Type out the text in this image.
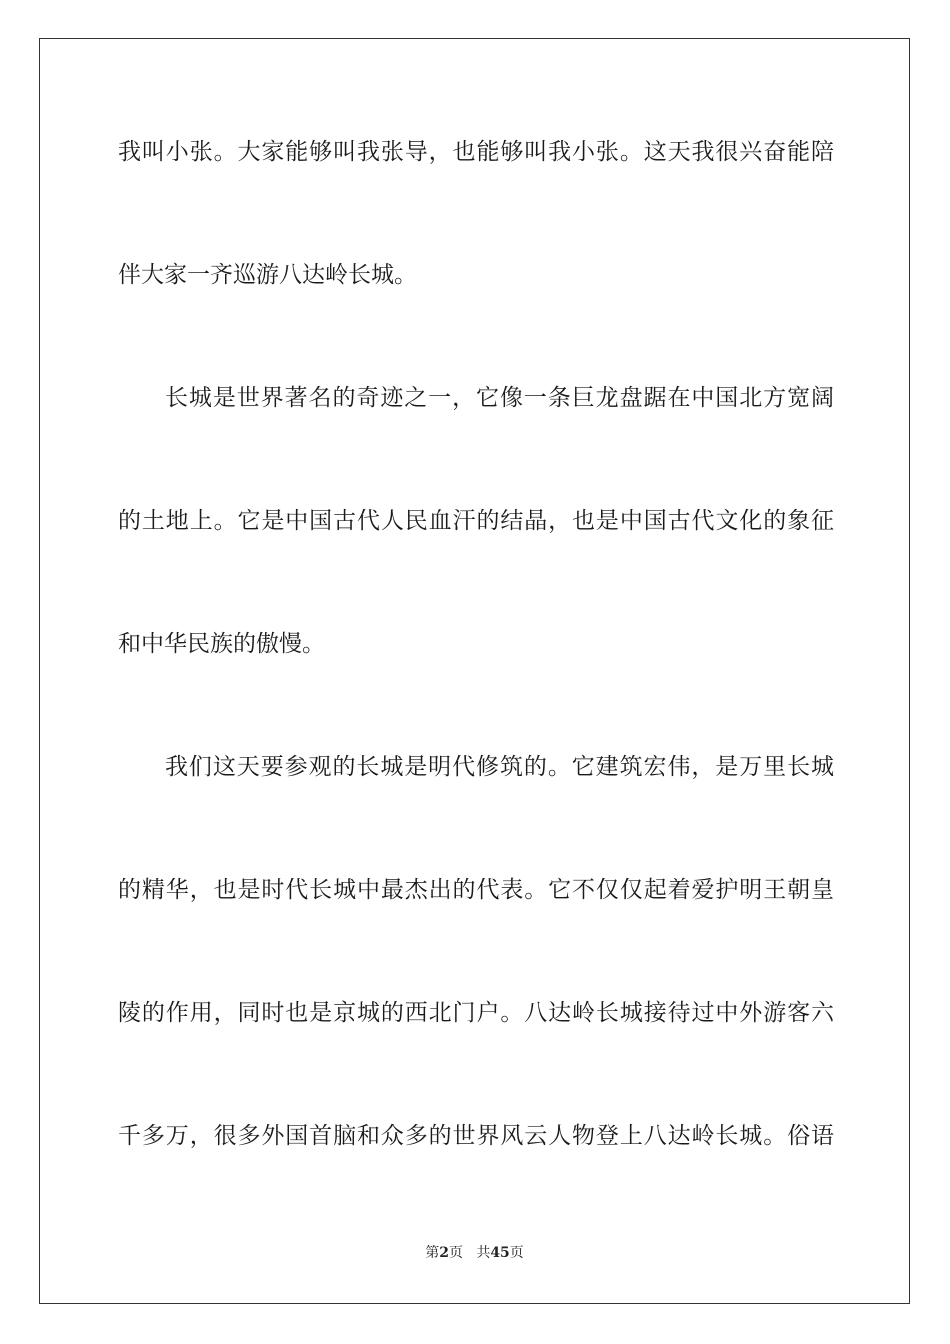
我叫小张。大家能够叫我张导，也能够叫我小张。这天我很兴奋能陪
伴大家一齐巡游八达岭长城。
长城是世界著名的奇迹之一，它像一条巨龙盘踞在中国北方宽阔
的土地上。它是中国古代人民血汗的结晶，也是中国古代文化的象征
和中华民族的傲慢。
我们这天要参观的长城是明代修筑的。它建筑宏伟，是万里长城
的精华，也是时代长城中最杰出的代表。它不仅仅起着爱护明王朝皇
陵的作用，同时也是京城的西北门户。八达岭长城接待过中外游客六
千多万，很多外国首脑和众多的世界风云人物登上八达岭长城。俗语
第2页 共45页
